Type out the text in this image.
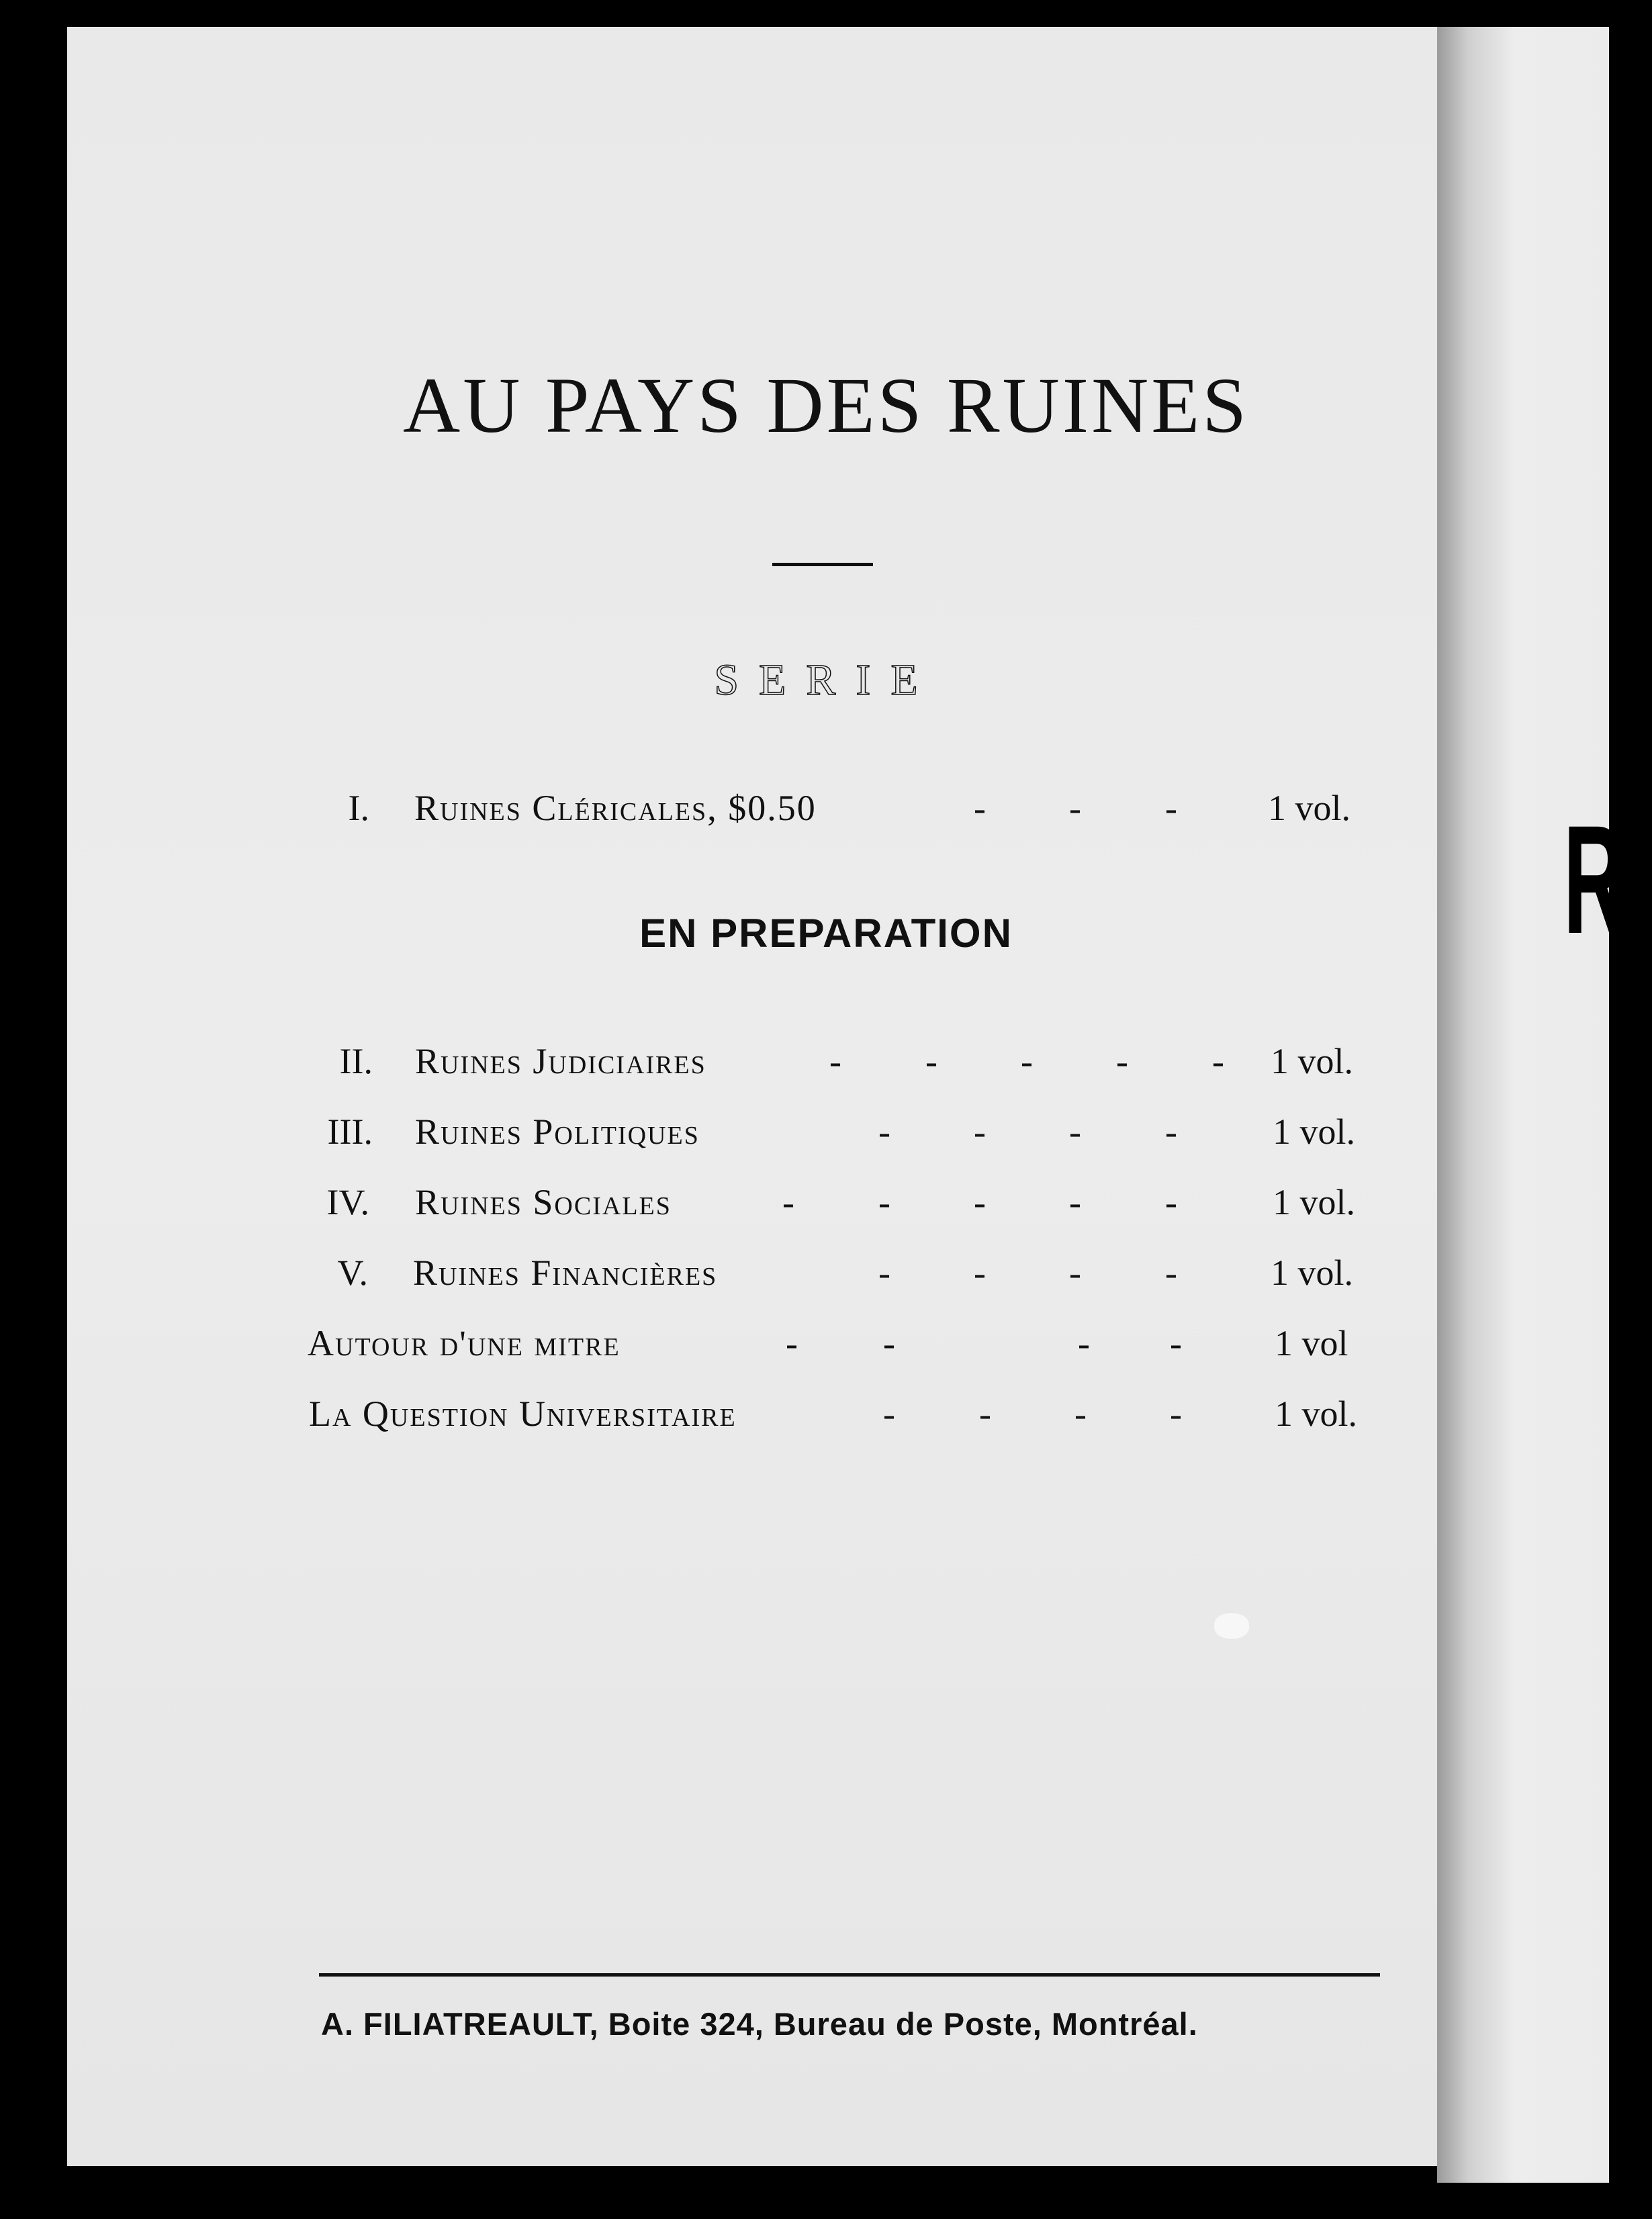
R
AU PAYS DES RUINES
SERIE
I. Ruines Cléricales, $0.50	- - -	1 vol.
EN PREPARATION
II. Ruines Judiciaires	- - - - - 1 vol.
III. Ruines Politiques	- - - -	1 vol.
IV. Ruines Sociales	- - - - -	1 vol.
V. Ruines Financières	- - - -	1 vol.
Autour d'une mitre	- -	- -	1 vol
La Question Universitaire	- - - -	1 vol.
A. FILIATREAULT, Boite 324, Bureau de Poste, Montréal.
